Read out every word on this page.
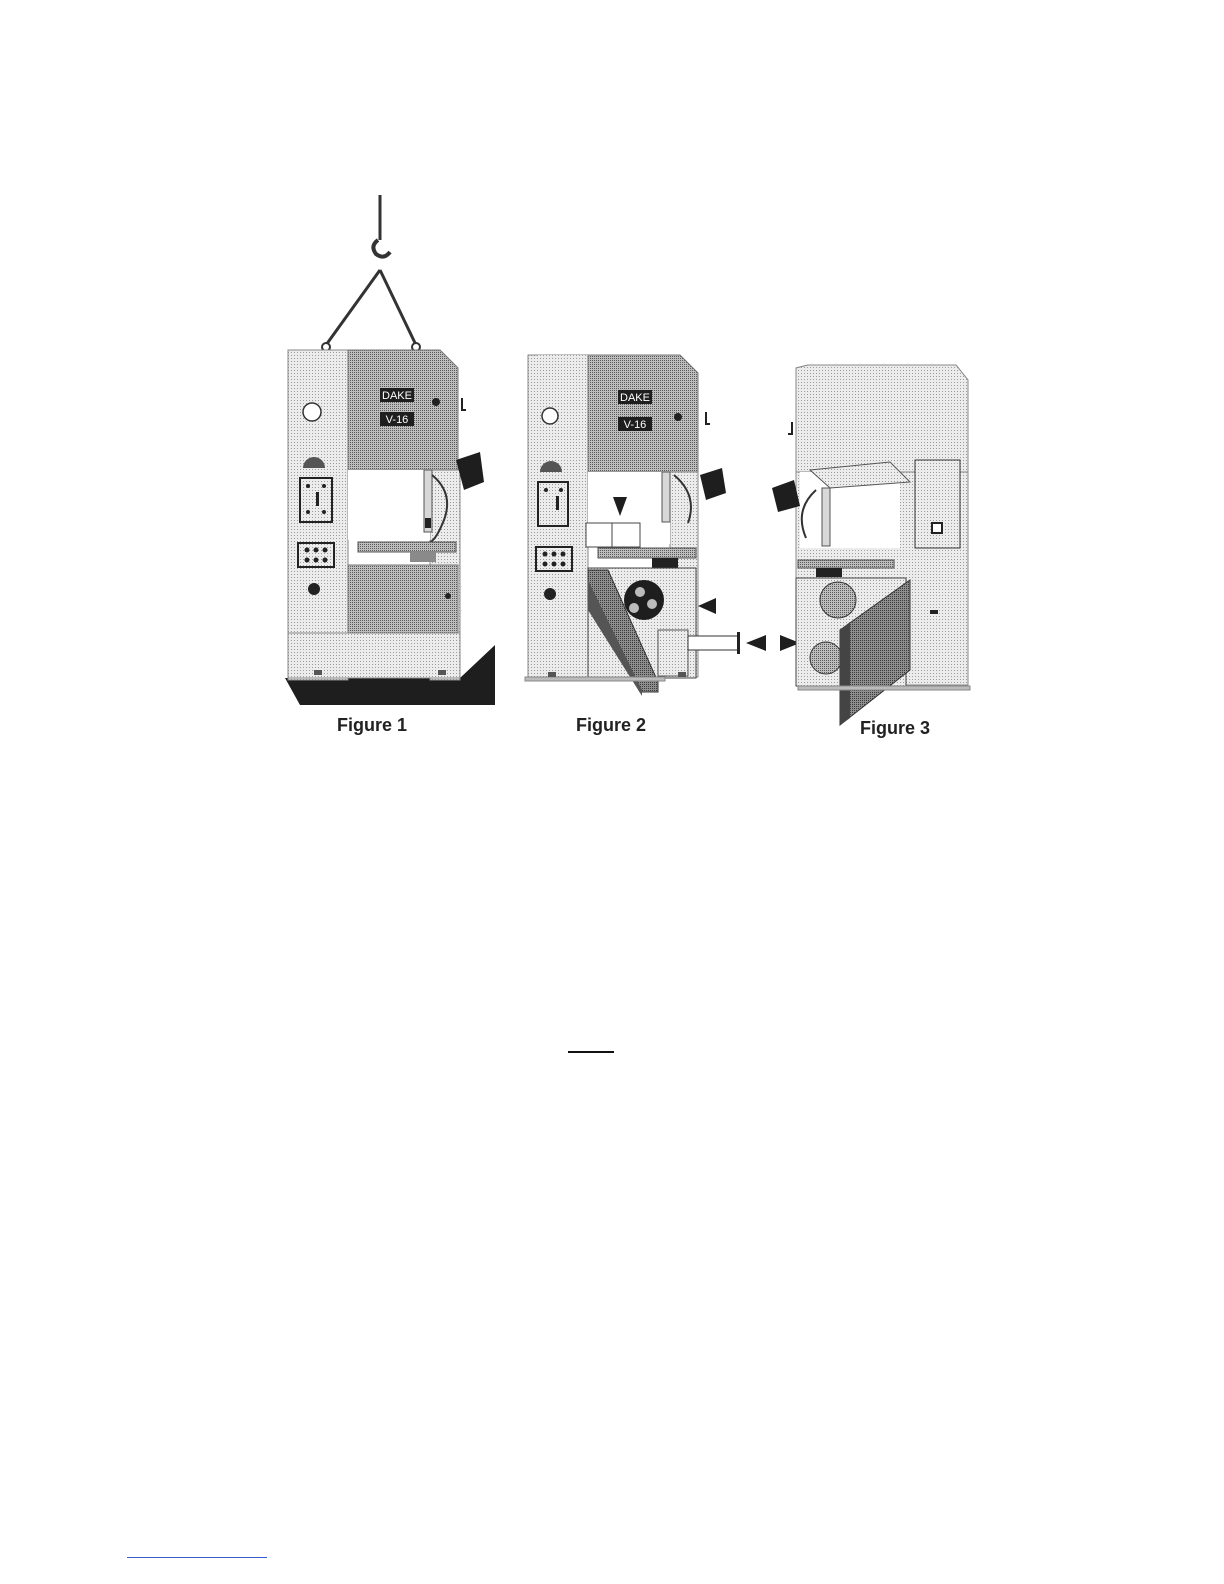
DAKE
V-16
DAKE
V-16
Figure 1	Figure 2	Figure 3
